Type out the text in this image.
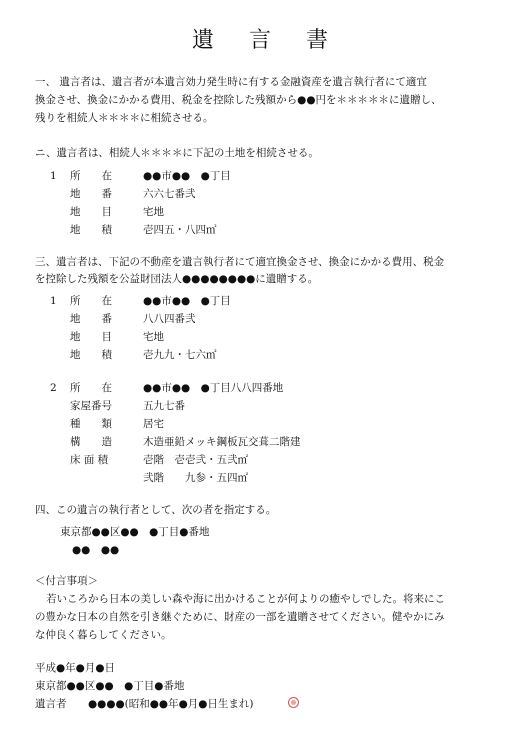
遺 言 書
一、 遺言者は、遺言者が本遺言効力発生時に有する金融資産を遺言執行者にて適宜
換金させ、換金にかかる費用、税金を控除した残額から●●円を＊＊＊＊＊に遺贈し、
残りを相続人＊＊＊＊に相続させる。
ニ、遺言者は、相続人＊＊＊＊に下記の土地を相続させる。
1 所　　在	●●市●●　●丁目
地　　番	六六七番弐
地　　目	宅地
地　　積	壱四五・八四㎡
三、遺言者は、下記の不動産を遺言執行者にて適宜換金させ、換金にかかる費用、税金
を控除した残額を公益財団法人●●●●●●●●に遺贈する。
1 所　　在	●●市●●　●丁目
地　　番	八八四番弐
地　　目	宅地
地　　積	壱九九・七六㎡
2 所　　在	●●市●●　●丁目八八四番地
家屋番号	五九七番
種　　類	居宅
構　　造	木造亜鉛メッキ鋼板瓦交葺二階建
床 面 積	壱階　壱壱弐・五弐㎡
弐階　　九参・五四㎡
四、この遺言の執行者として、次の者を指定する。
東京都●●区●●　●丁目●番地
●●　●●
＜付言事項＞
若いころから日本の美しい森や海に出かけることが何よりの癒やしでした。将来にこ
の豊かな日本の自然を引き継ぐために、財産の一部を遺贈させてください。健やかにみ
な仲良く暮らしてください。
平成●年●月●日
東京都●●区●●　●丁目●番地
遺言者 ●●●●(昭和●●年●月●日生まれ)
